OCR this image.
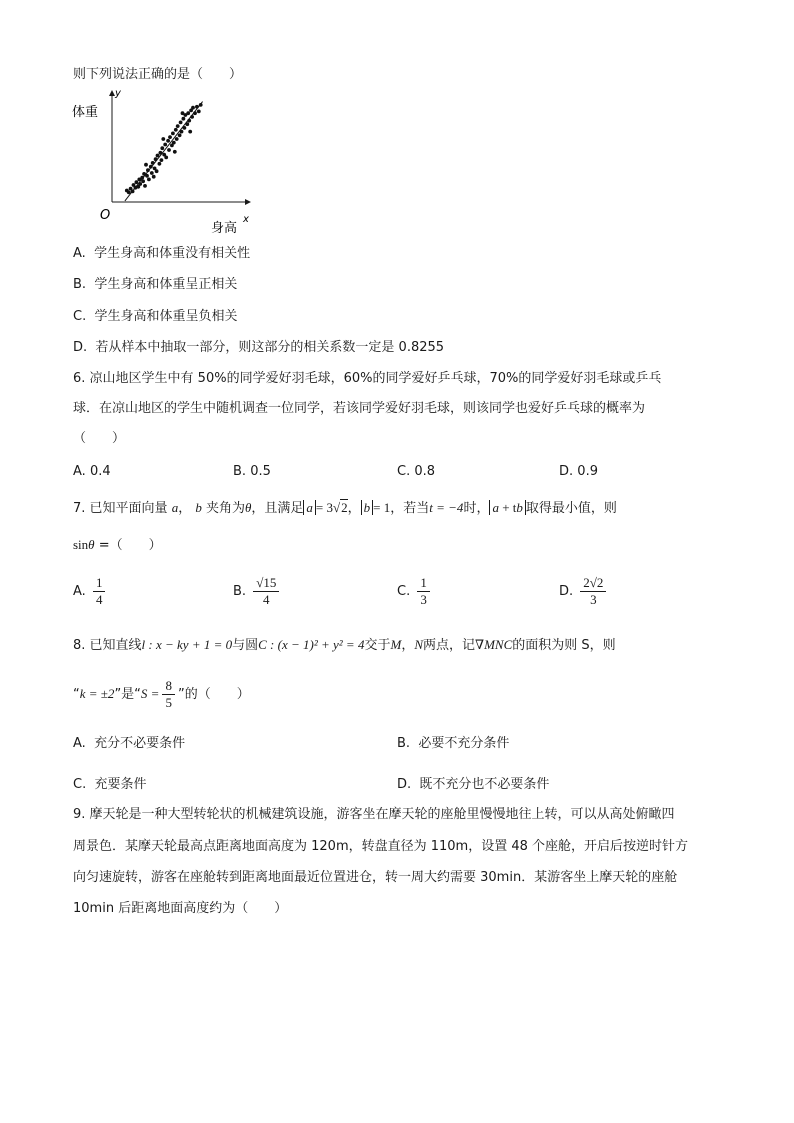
则下列说法正确的是（　　）
体重
y
O
身高
x
A. 学生身高和体重没有相关性
B. 学生身高和体重呈正相关
C. 学生身高和体重呈负相关
D. 若从样本中抽取一部分，则这部分的相关系数一定是 0.8255
6. 凉山地区学生中有 50%的同学爱好羽毛球，60%的同学爱好乒乓球，70%的同学爱好羽毛球或乒乓
球．在凉山地区的学生中随机调查一位同学，若该同学爱好羽毛球，则该同学也爱好乒乓球的概率为
（　　）
A. 0.4	B. 0.5	C. 0.8	D. 0.9
7. 已知平面向量 a， b 夹角为θ，且满足 a = 3√2， b = 1，若当t = −4时， a + tb 取得最小值，则
sinθ =（　　）
A. $\frac{1}{4}$	B. $\frac{√15}{4}$	C. $\frac{1}{3}$	D. $\frac{2√2}{3}$
8. 已知直线l : x − ky + 1 = 0与圆C : (x − 1)² + y² = 4交于M，N两点，记∇MNC的面积为则 S，则
“k = ±2”是“$S = \frac{8}{5}$ ”的（　　）
A. 充分不必要条件	B. 必要不充分条件
C. 充要条件	D. 既不充分也不必要条件
9. 摩天轮是一种大型转轮状的机械建筑设施，游客坐在摩天轮的座舱里慢慢地往上转，可以从高处俯瞰四
周景色．某摩天轮最高点距离地面高度为 120m，转盘直径为 110m，设置 48 个座舱，开启后按逆时针方
向匀速旋转，游客在座舱转到距离地面最近位置进仓，转一周大约需要 30min．某游客坐上摩天轮的座舱
10min 后距离地面高度约为（　　）
